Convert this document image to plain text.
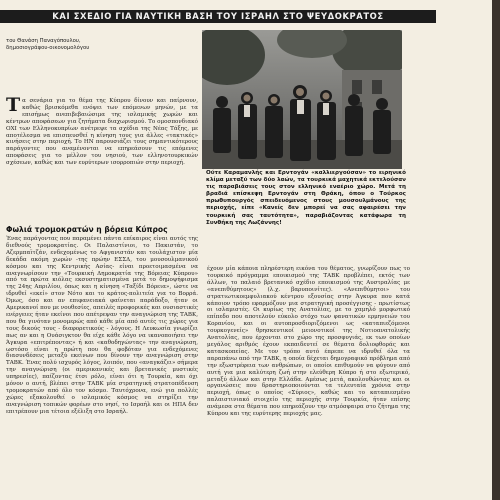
ΚΑΙ ΣΧΕΔΙΟ ΓΙΑ ΝΑΥΤΙΚΗ ΒΑΣΗ ΤΟΥ ΙΣΡΑΗΛ ΣΤΟ ΨΕΥΔΟΚΡΑΤΟΣ
του Θανάση Παναγόπουλου,
δημοσιογράφου-οικονομολόγου
Τα σενάρια για το θέμα της Κύπρου δίνουν και παίρνουν, καθώς βρισκόμεθα ενόψει των επόμενων μηνών, με τα επισήμως ανεπιβεβαιώσιμα της ισλαμικής χωρών και κέντρων αποφάσεων για ζητήματα διαχωρισμού. Το ομοσπονδιακό ΟΧΙ των Ελληνοκυπρίων ανέτρεψε τα σχέδια της Νέας Τάξης, με αποτέλεσμα να επισπευσθεί η κίνηση τους για άλλες «τακτικές» κινήσεις στην περιοχή. Το ΗΝ παρουσιάζει τους σημαντικότερους παράγοντες που αναμένονται να επηρεάσουν τις επόμενες αποφάσεις για το μέλλον του νησιού, των ελληνοτουρκικών σχέσεων, καθώς και των ευρύτερων ισορροπιών στην περιοχή.
Φωλιά τρομοκρατών η βόρεια Κύπρος
Ένας παράγοντας που παραμένει πάντα επίκαιρος είναι αυτός της διεθνούς τρομοκρατίας. Οι Παλαιστίνιοι, το Πακιστάν, το Αζερμπαϊτζάν, ενδεχομένως το Αφγανιστάν και τουλάχιστον μία δεκάδα ακόμη χωρών -της πρώην ΕΣΣΔ, του μουσουλμανικού κόσμου και της Κεντρικής Ασίας- είναι προετοιμασμένα να αναγνωρίσουν την «Τουρκική Δημοκρατία της Βόρειας Κύπρου» από τα πρώτα κιόλας εκσυστηματισμένα μετά το δημοψήφισμα της 24ης Απριλίου, όπως και η κίνηση «Ταξίδι Βόρεια», ώστε να ιδρυθεί «εκεί» στον Νότο και το κράτος-πολιτεία για το Βορρά. Όμως, όσο και αν επιφανειακά φαίνεται παράδοξο, ήταν οι Αμερικανοί που με νουθεσίες, απειλές προφορικές και ουσιαστικές ενέργειες ήταν εκείνοι που απέτρεψαν την αναγνώριση της ΤΑΒΚ, που θα γινόταν μονομερώς από κάθε μία από αυτές τις χώρες για τους δικούς τους - διαφορετικούς - λόγους. Η Λευκωσία γνωρίζει πως αν και η Ουάσιγκτον θα είχε κάθε λόγο να ικανοποιήσει την Άγκυρα «επιτρέποντας» ή και «καθοδηγώντας» την αναγνώριση, ωστόσο είναι η πρώτη που θα φοβόταν για ενδεχόμενες διασυνδέσεις μεταξύ εκείνων που δίνουν την αναγνώριση στην ΤΑΒΚ. Ένας πολύ ισχυρός λόγος, λοιπόν, που «αναγκάζει» σήμερα την αναγνώριση (οι αμερικανικές και βρετανικές μυστικές υπηρεσίες), παίζοντας έτσι ρόλο, είναι ότι η Τουρκία, και όχι μόνον ο αυτή, βλέπει στην ΤΑΒΚ μία στρατηγική στρατοπέδευση τρομοκρατών από όλο τον κόσμο. Ταυτόχρονα, ενώ για πολλές χώρες εξακολουθεί ο ισλαμικός κόσμος να στηρίζει την αναγνώριση τοπικών φορέων στο νησί, το Ισραήλ και οι ΗΠΑ δεν επιτρέπουν μια τέτοια εξέλιξη στο Ισραήλ.
Ούτε Καραμανλής και Ερντογάν «καλλιεργούσαν» το ειρηνικό κλίμα μεταξύ των δύο λαών, τα τουρκικά μαχητικά εκτελούσαν τις παραβιάσεις τους στον ελληνικό εναέριο χώρο. Μετά τη βραδιά επίσκεψη Ερντογάν στη Θράκη, όπου ο Τούρκος πρωθυπουργός σπειδευόμενος στους μουσουλμάνους της περιοχής, είπε «Κανείς δεν μπορεί να σας αφαιρέσει την τουρκική σας ταυτότητα», παραβιάζοντας κατάφωρα τη Συνθήκη της Λωζάννης!
έχουν μία κάποια πληρέστερη εικόνα του θέματος, γνωρίζουν πως το τουρκικό πρόγραμμα εποικισμού της ΤΑΒΚ προβλέπει, εκτός των άλλων, το παλαιό βρετανικό σχέδιο εποικισμού της Αυστραλίας με «ανεπιθύμητους» (λ.χ. βαρυποινίτες). «Ανεπιθύμητοι» του στρατιωτικοεμφυλιακού κέντρου εξουσίας στην Άγκυρα που κατά κάποιον τρόπο εφαρμόζουν μια στρατηγική προσέγγισης - πρωτίστως οι ισλαμιστές. Οι κυρίως της Ανατολίας, με το χαμηλό μορφωτικό επίπεδο που αποτελούν εύκολο στόχο των φανατικών ερμηνειών του Κορανίου, και οι αυτοπροσδιοριζόμενοι ως «καταπιεζόμενοι τουρκογενείς» θρησκευτικοί μειονοτικοί της Νοτιοανατολικής Ανατολίας, που έρχονται στο χώρο της προσφυγιάς, εκ των οποίων μεγάλος αριθμός έχουν εκπαιδευτεί σε θέματα δολιοφθοράς και κατασκοπείας. Με τον τρόπο αυτό έπρεπε να ιδρυθεί όλα τα παραπάνω από την ΤΑΒΚ, η οποία δέχεται δημογραφικό πρόβλημα από την εξωστρέφεια των ανθρώπων, οι οποίοι επιθυμούν να φύγουν από αυτή για μια καλύτερη ζωή στην ελεύθερη Κύπρο ή στο εξωτερικό, μεταξύ άλλων και στην Ελλάδα. Αμέσως μετά, ακολουθώντας και οι οργανώσεις που δραστηριοποιούνται τα τελευταία χρόνια στην περιοχή, όπως ο οποίος «Σύριος», καθώς και το καταπιεσμένο παλαιστινιακό στοιχείο της περιοχής στην Τουρκία, ήταν επίσης ανάμεσα στα θέματα που επηρεάζουν την ατμόσφαιρα στο ζήτημα της Κύπρου και της ευρύτερης περιοχής μας.
